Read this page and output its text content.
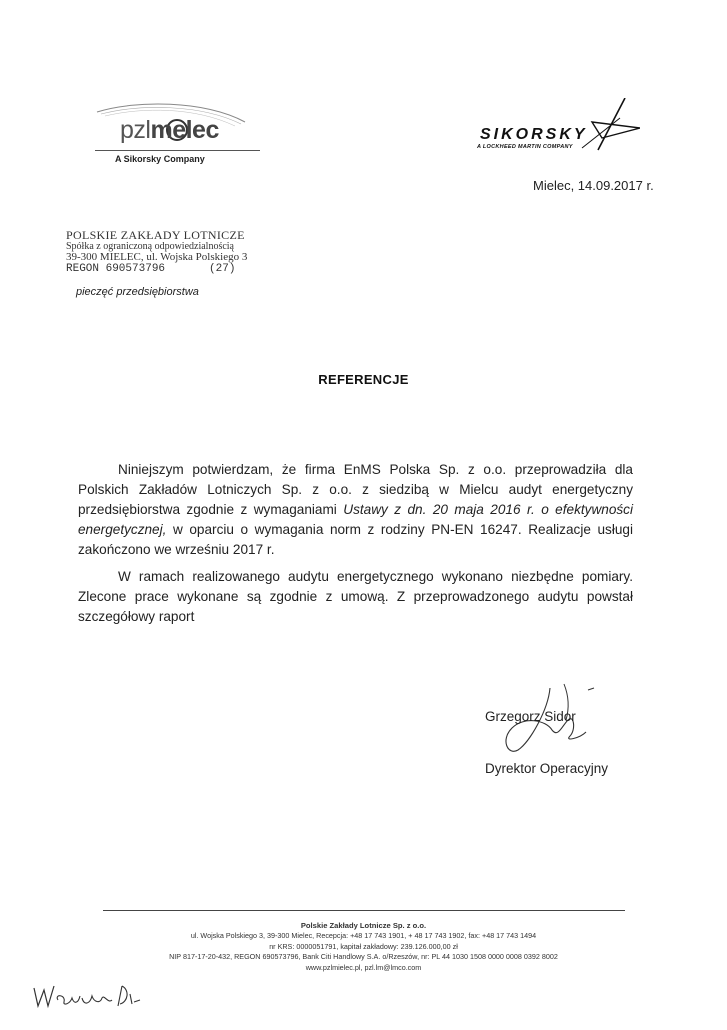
pzlmelec
A Sikorsky Company
SIKORSKY
A LOCKHEED MARTIN COMPANY
Mielec, 14.09.2017 r.
POLSKIE ZAKŁADY LOTNICZE
Spółka z ograniczoną odpowiedzialnością
39-300 MIELEC, ul. Wojska Polskiego 3
REGON 690573796	(27)
pieczęć przedsiębiorstwa
REFERENCJE
Niniejszym potwierdzam, że firma EnMS Polska Sp. z o.o. przeprowadziła dla Polskich Zakładów Lotniczych Sp. z o.o. z siedzibą w Mielcu audyt energetyczny przedsiębiorstwa zgodnie z wymaganiami Ustawy z dn. 20 maja 2016 r. o efektywności energetycznej, w oparciu o wymagania norm z rodziny PN-EN 16247. Realizacje usługi zakończono we wrześniu 2017 r.
W ramach realizowanego audytu energetycznego wykonano niezbędne pomiary. Zlecone prace wykonane są zgodnie z umową. Z przeprowadzonego audytu powstał szczegółowy raport
Grzegorz Sidor
Dyrektor Operacyjny
Polskie Zakłady Lotnicze Sp. z o.o.
ul. Wojska Polskiego 3, 39-300 Mielec, Recepcja: +48 17 743 1901, + 48 17 743 1902, fax: +48 17 743 1494
nr KRS: 0000051791, kapitał zakładowy: 239.126.000,00 zł
NIP 817-17-20-432, REGON 690573796, Bank Citi Handlowy S.A. o/Rzeszów, nr: PL 44 1030 1508 0000 0008 0392 8002
www.pzlmielec.pl, pzl.lm@lmco.com
